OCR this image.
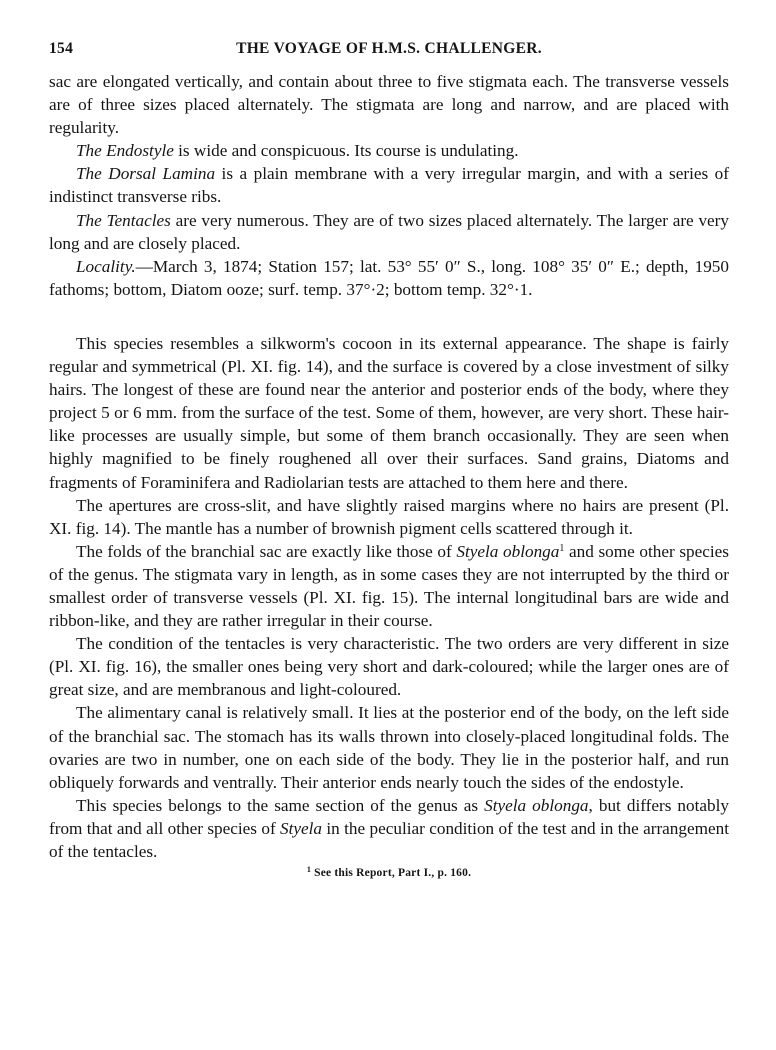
154	THE VOYAGE OF H.M.S. CHALLENGER.

sac are elongated vertically, and contain about three to five stigmata each. The transverse vessels are of three sizes placed alternately. The stigmata are long and narrow, and are placed with regularity.

The Endostyle is wide and conspicuous. Its course is undulating.

The Dorsal Lamina is a plain membrane with a very irregular margin, and with a series of indistinct transverse ribs.

The Tentacles are very numerous. They are of two sizes placed alternately. The larger are very long and are closely placed.

Locality.—March 3, 1874; Station 157; lat. 53° 55′ 0″ S., long. 108° 35′ 0″ E.; depth, 1950 fathoms; bottom, Diatom ooze; surf. temp. 37°·2; bottom temp. 32°·1.

This species resembles a silkworm's cocoon in its external appearance. The shape is fairly regular and symmetrical (Pl. XI. fig. 14), and the surface is covered by a close investment of silky hairs. The longest of these are found near the anterior and posterior ends of the body, where they project 5 or 6 mm. from the surface of the test. Some of them, however, are very short. These hair-like processes are usually simple, but some of them branch occasionally. They are seen when highly magnified to be finely roughened all over their surfaces. Sand grains, Diatoms and fragments of Foraminifera and Radiolarian tests are attached to them here and there.

The apertures are cross-slit, and have slightly raised margins where no hairs are present (Pl. XI. fig. 14). The mantle has a number of brownish pigment cells scattered through it.

The folds of the branchial sac are exactly like those of Styela oblonga$^1$ and some other species of the genus. The stigmata vary in length, as in some cases they are not interrupted by the third or smallest order of transverse vessels (Pl. XI. fig. 15). The internal longitudinal bars are wide and ribbon-like, and they are rather irregular in their course.

The condition of the tentacles is very characteristic. The two orders are very different in size (Pl. XI. fig. 16), the smaller ones being very short and dark-coloured; while the larger ones are of great size, and are membranous and light-coloured.

The alimentary canal is relatively small. It lies at the posterior end of the body, on the left side of the branchial sac. The stomach has its walls thrown into closely-placed longitudinal folds. The ovaries are two in number, one on each side of the body. They lie in the posterior half, and run obliquely forwards and ventrally. Their anterior ends nearly touch the sides of the endostyle.

This species belongs to the same section of the genus as Styela oblonga, but differs notably from that and all other species of Styela in the peculiar condition of the test and in the arrangement of the tentacles.

$^1$ See this Report, Part I., p. 160.
